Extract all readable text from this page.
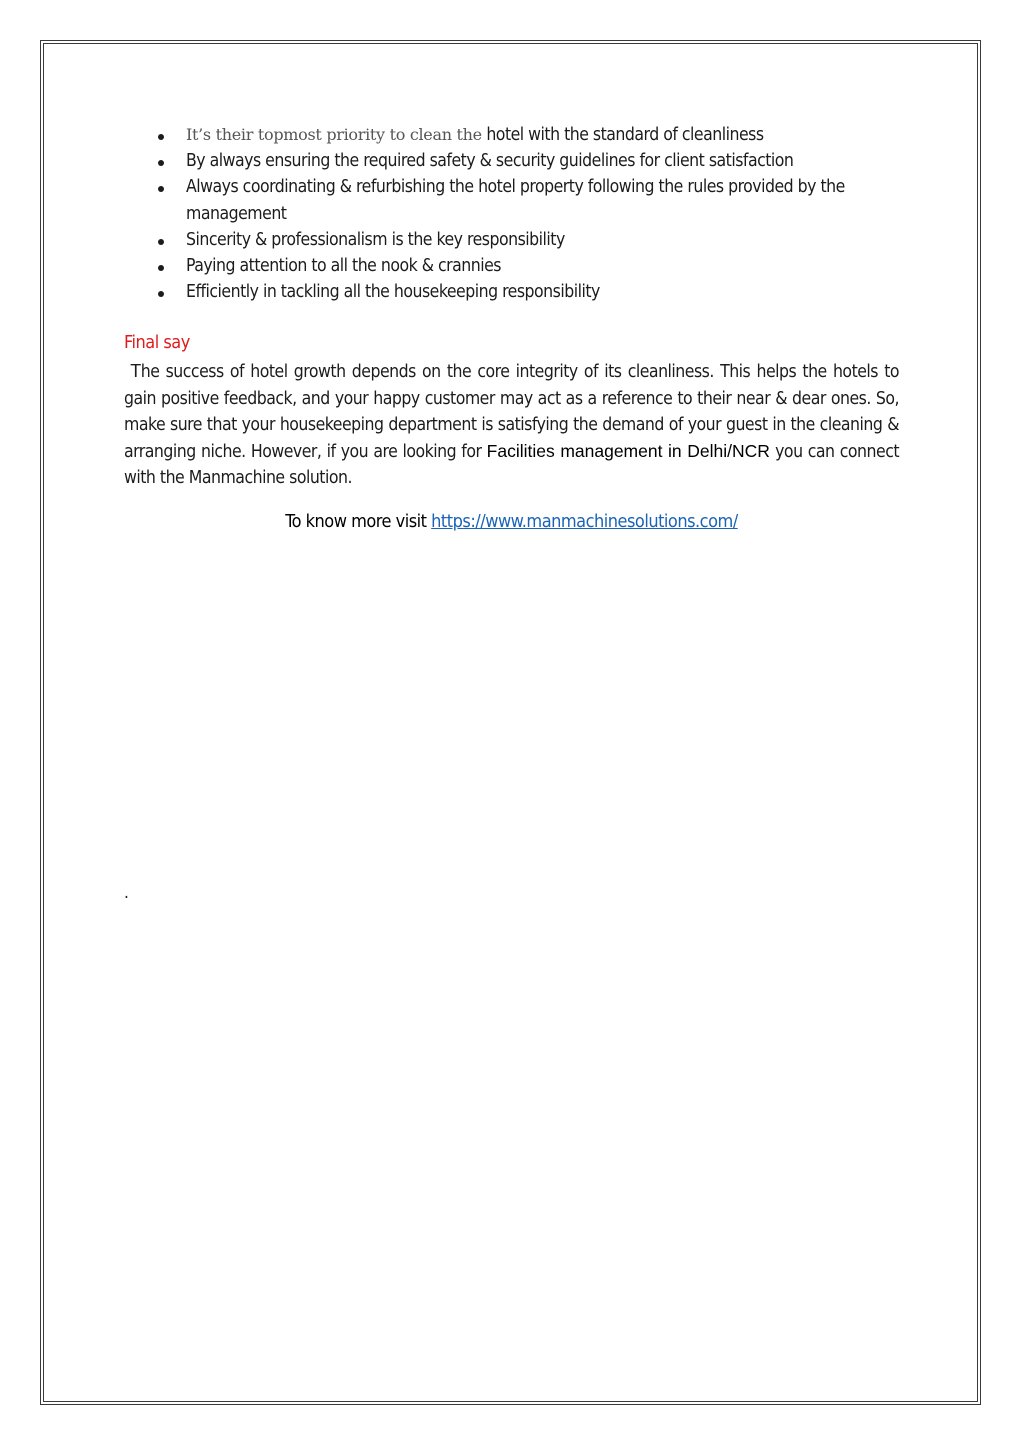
It’s their topmost priority to clean the hotel with the standard of cleanliness
By always ensuring the required safety & security guidelines for client satisfaction
Always coordinating & refurbishing the hotel property following the rules provided by the management
Sincerity & professionalism is the key responsibility
Paying attention to all the nook & crannies
Efficiently in tackling all the housekeeping responsibility
Final say

The success of hotel growth depends on the core integrity of its cleanliness. This helps the hotels to gain positive feedback, and your happy customer may act as a reference to their near & dear ones. So, make sure that your housekeeping department is satisfying the demand of your guest in the cleaning & arranging niche. However, if you are looking for Facilities management in Delhi/NCR you can connect with the Manmachine solution.

To know more visit https://www.manmachinesolutions.com/

.
